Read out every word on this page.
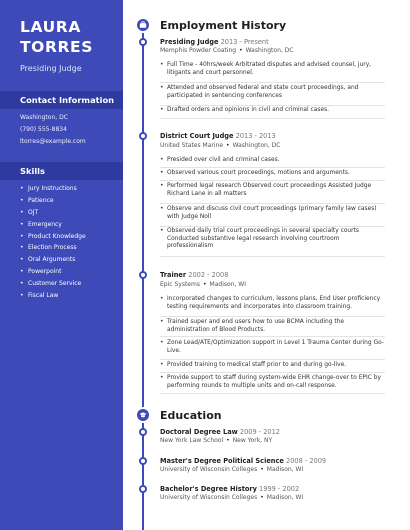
LAURA
TORRES
Presiding Judge
Contact Information
Washington, DC
(790) 555-8834
ltorres@example.com
Skills
• Jury Instructions
• Patience
• OJT
• Emergency
• Product Knowledge
• Election Process
• Oral Arguments
• Powerpoint
• Customer Service
• Fiscal Law
Employment History
Presiding Judge 2013 - Present
Memphis Powder Coating • Washington, DC
• Full Time - 40hrs/week Arbitrated disputes and advised counsel, jury, litigants and court personnel.
• Attended and observed federal and state court proceedings, and participated in sentencing conferences
• Drafted orders and opinions in civil and criminal cases.
District Court Judge 2013 - 2013
United States Marine • Washington, DC
• Presided over civil and criminal cases.
• Observed various court proceedings, motions and arguments.
• Performed legal research Observed court proceedings Assisted Judge Richard Lane in all matters
• Observe and discuss civil court proceedings (primary family law cases) with Judge Noll
• Observed daily trial court proceedings in several specialty courts Conducted substantive legal research involving courtroom professionalism
Trainer 2002 - 2008
Epic Systems • Madison, WI
• Incorporated changes to curriculum, lessons plans, End User proficiency testing requirements and incorporates into classroom training.
• Trained super and end users how to use BCMA including the administration of Blood Products.
• Zone Lead/ATE/Optimization support in Level 1 Trauma Center during Go-Live.
• Provided training to medical staff prior to and during go-live.
• Provide support to staff during system-wide EHR change-over to EPIC by performing rounds to multiple units and on-call response.
Education
Doctoral Degree Law 2009 - 2012
New York Law School • New York, NY
Master's Degree Political Science 2008 - 2009
University of Wisconsin Colleges • Madison, WI
Bachelor's Degree History 1999 - 2002
University of Wisconsin Colleges • Madison, WI
